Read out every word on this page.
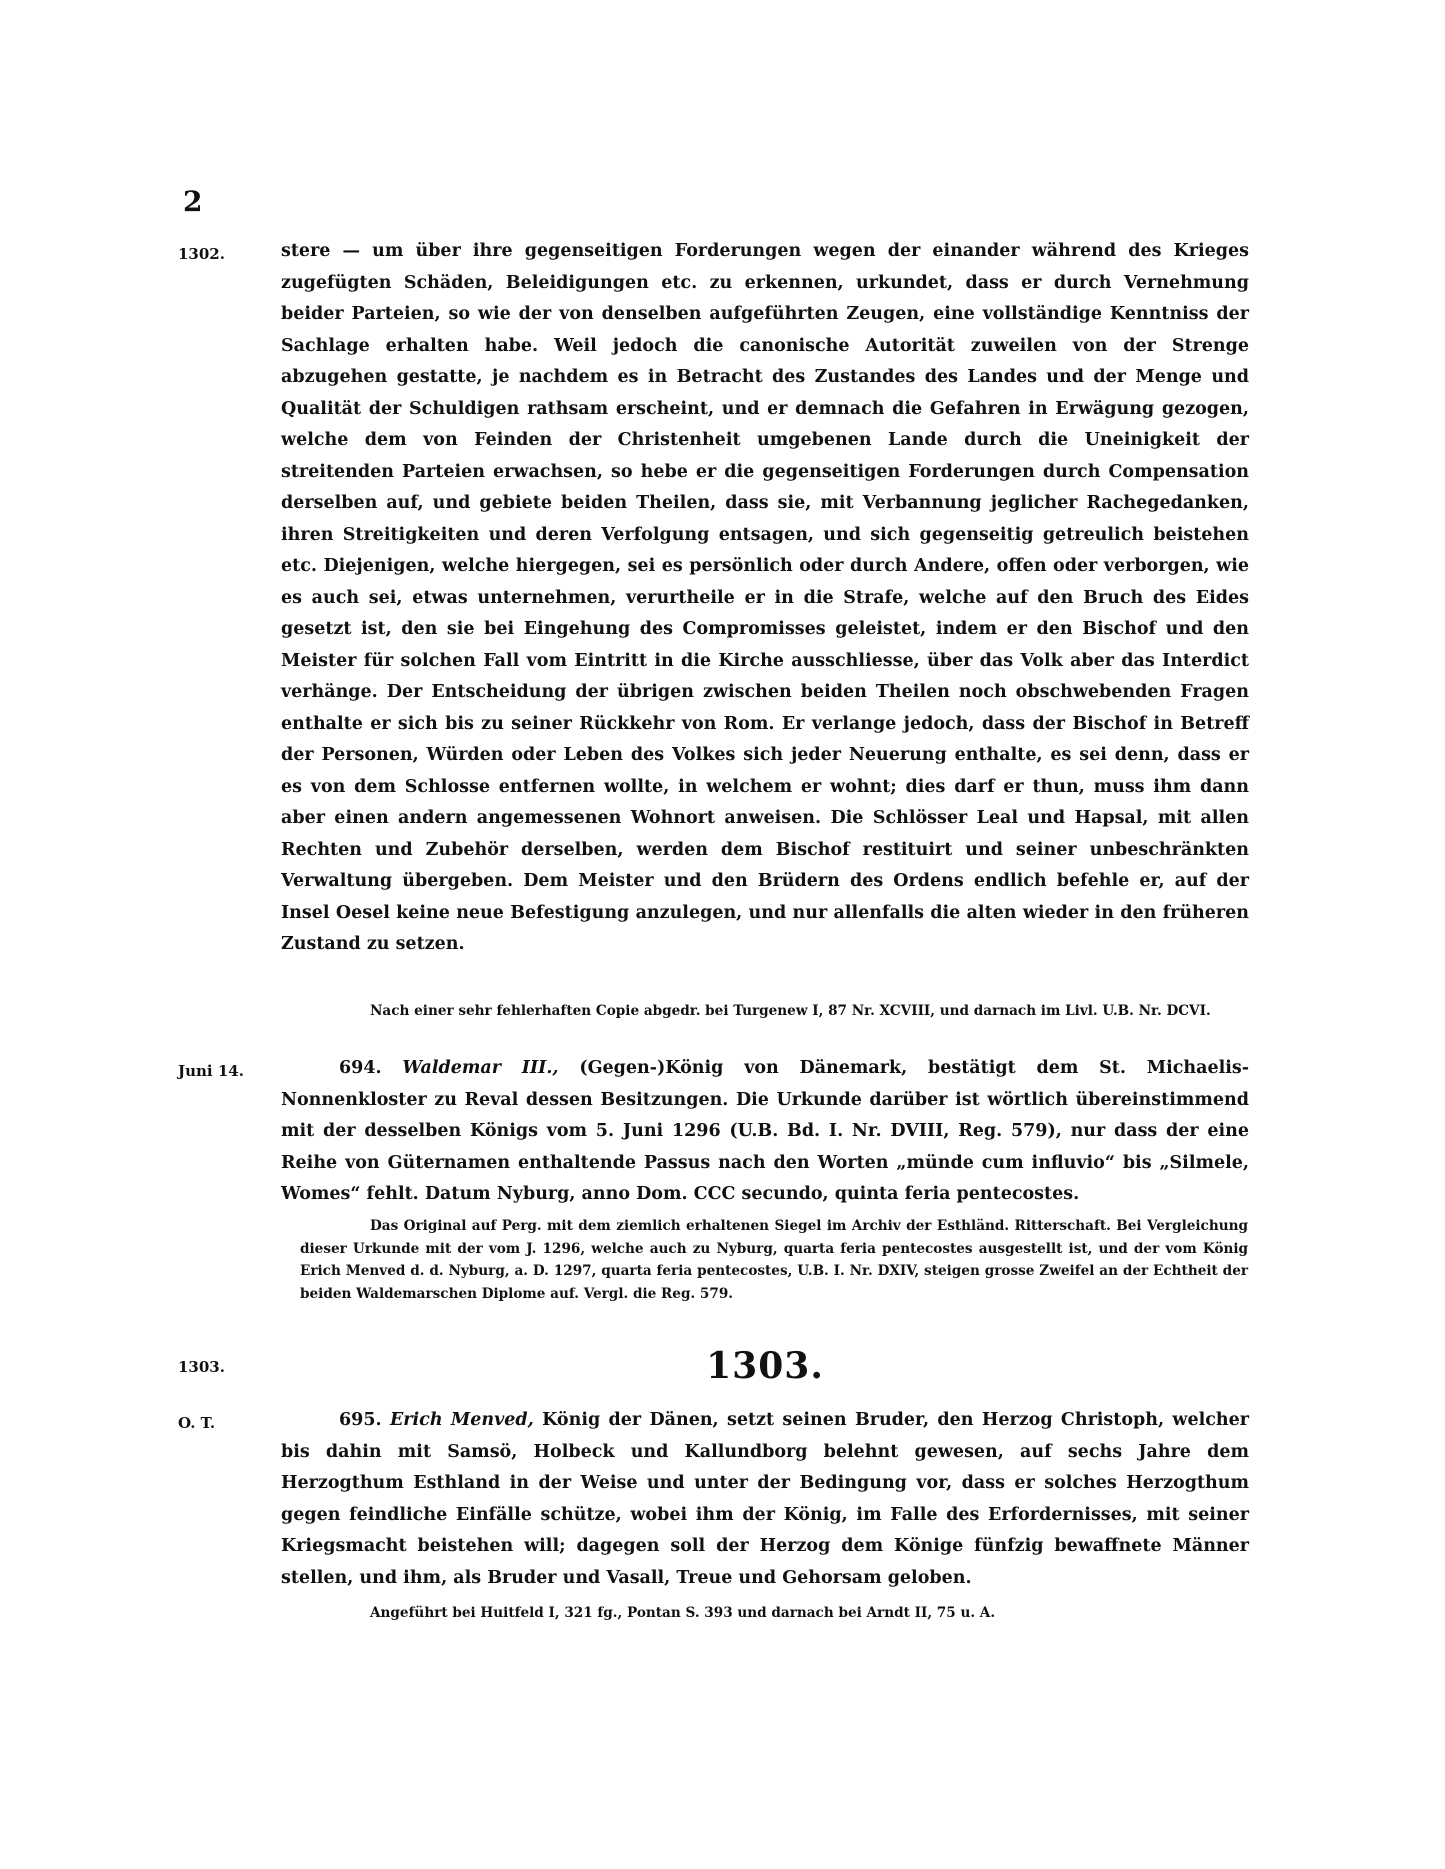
2
1302.	stere — um über ihre gegenseitigen Forderungen wegen der einander während des Krieges zugefügten Schäden, Beleidigungen etc. zu erkennen, urkundet, dass er durch Vernehmung beider Parteien, so wie der von denselben aufgeführten Zeugen, eine vollständige Kenntniss der Sachlage erhalten habe. Weil jedoch die canonische Autorität zuweilen von der Strenge abzugehen gestatte, je nachdem es in Betracht des Zustandes des Landes und der Menge und Qualität der Schuldigen rathsam erscheint, und er demnach die Gefahren in Erwägung gezogen, welche dem von Feinden der Christenheit umgebenen Lande durch die Uneinigkeit der streitenden Parteien erwachsen, so hebe er die gegenseitigen Forderungen durch Compensation derselben auf, und gebiete beiden Theilen, dass sie, mit Verbannung jeglicher Rachegedanken, ihren Streitigkeiten und deren Verfolgung entsagen, und sich gegenseitig getreulich beistehen etc. Diejenigen, welche hiergegen, sei es persönlich oder durch Andere, offen oder verborgen, wie es auch sei, etwas unternehmen, verurtheile er in die Strafe, welche auf den Bruch des Eides gesetzt ist, den sie bei Eingehung des Compromisses geleistet, indem er den Bischof und den Meister für solchen Fall vom Eintritt in die Kirche ausschliesse, über das Volk aber das Interdict verhänge. Der Entscheidung der übrigen zwischen beiden Theilen noch obschwebenden Fragen enthalte er sich bis zu seiner Rückkehr von Rom. Er verlange jedoch, dass der Bischof in Betreff der Personen, Würden oder Leben des Volkes sich jeder Neuerung enthalte, es sei denn, dass er es von dem Schlosse entfernen wollte, in welchem er wohnt; dies darf er thun, muss ihm dann aber einen andern angemessenen Wohnort anweisen. Die Schlösser Leal und Hapsal, mit allen Rechten und Zubehör derselben, werden dem Bischof restituirt und seiner unbeschränkten Verwaltung übergeben. Dem Meister und den Brüdern des Ordens endlich befehle er, auf der Insel Oesel keine neue Befestigung anzulegen, und nur allenfalls die alten wieder in den früheren Zustand zu setzen.
Nach einer sehr fehlerhaften Copie abgedr. bei Turgenew I, 87 Nr. XCVIII, und darnach im Livl. U.B. Nr. DCVI.
Juni 14.	694. Waldemar III., (Gegen-)König von Dänemark, bestätigt dem St. Michaelis-Nonnenkloster zu Reval dessen Besitzungen. Die Urkunde darüber ist wörtlich übereinstimmend mit der desselben Königs vom 5. Juni 1296 (U.B. Bd. I. Nr. DVIII, Reg. 579), nur dass der eine Reihe von Güternamen enthaltende Passus nach den Worten „münde cum influvio“ bis „Silmele, Womes“ fehlt. Datum Nyburg, anno Dom. CCC secundo, quinta feria pentecostes.
Das Original auf Perg. mit dem ziemlich erhaltenen Siegel im Archiv der Esthländ. Ritterschaft. Bei Vergleichung dieser Urkunde mit der vom J. 1296, welche auch zu Nyburg, quarta feria pentecostes ausgestellt ist, und der vom König Erich Menved d. d. Nyburg, a. D. 1297, quarta feria pentecostes, U.B. I. Nr. DXIV, steigen grosse Zweifel an der Echtheit der beiden Waldemarschen Diplome auf. Vergl. die Reg. 579.
1303.	1303.
O. T.	695. Erich Menved, König der Dänen, setzt seinen Bruder, den Herzog Christoph, welcher bis dahin mit Samsö, Holbeck und Kallundborg belehnt gewesen, auf sechs Jahre dem Herzogthum Esthland in der Weise und unter der Bedingung vor, dass er solches Herzogthum gegen feindliche Einfälle schütze, wobei ihm der König, im Falle des Erfordernisses, mit seiner Kriegsmacht beistehen will; dagegen soll der Herzog dem Könige fünfzig bewaffnete Männer stellen, und ihm, als Bruder und Vasall, Treue und Gehorsam geloben.
Angeführt bei Huitfeld I, 321 fg., Pontan S. 393 und darnach bei Arndt II, 75 u. A.
